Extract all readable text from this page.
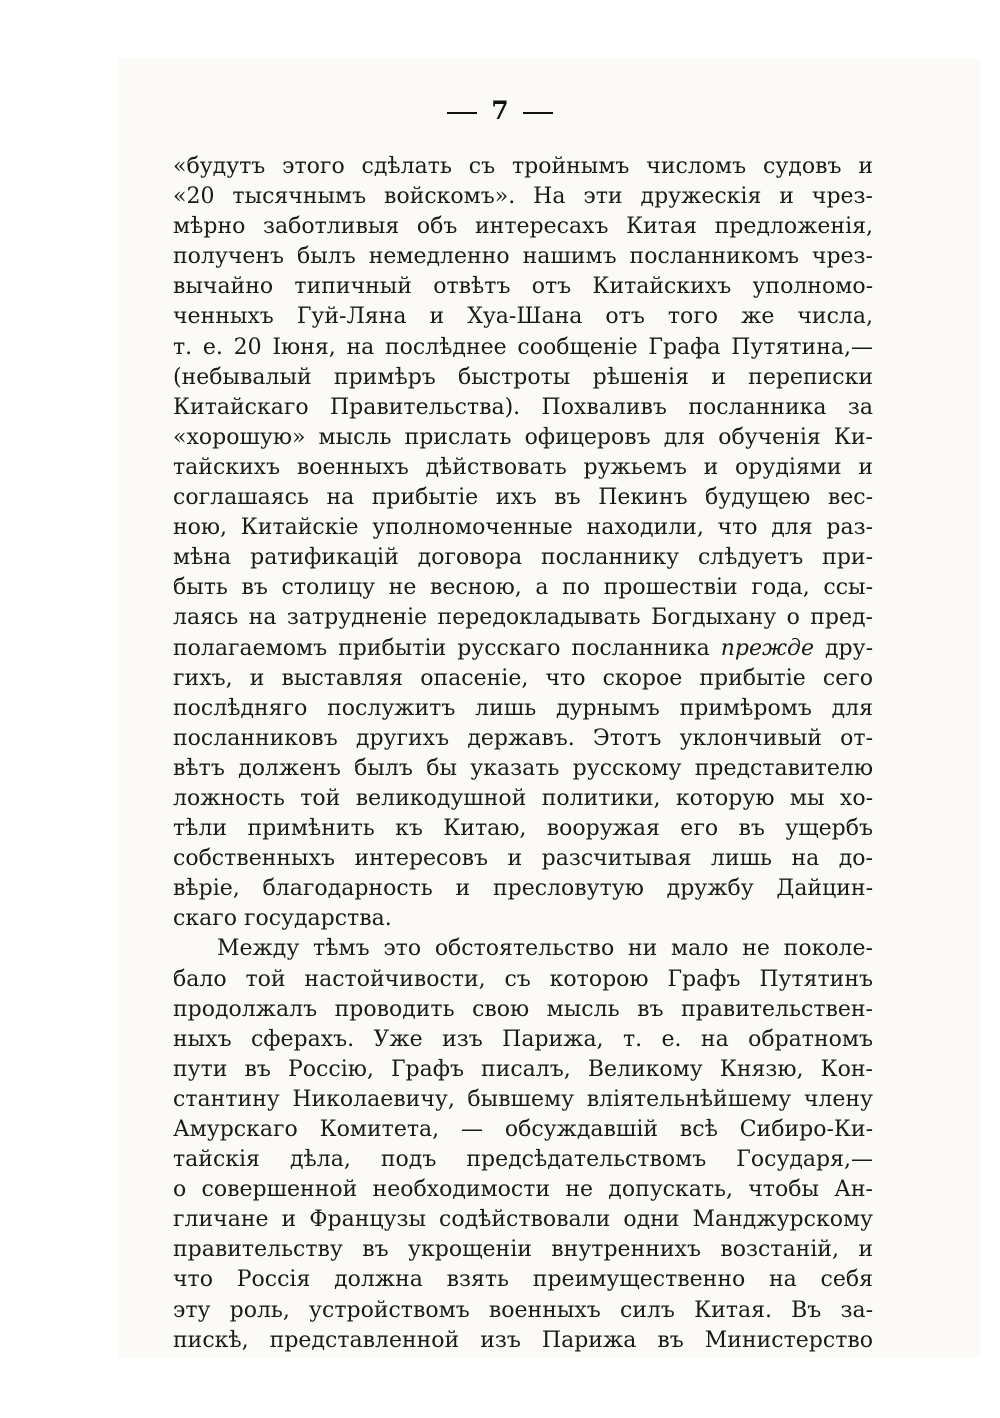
7
«будутъ этого сдѣлать съ тройнымъ числомъ судовъ и
«20 тысячнымъ войскомъ». На эти дружескія и чрез-
мѣрно заботливыя объ интересахъ Китая предложенія,
полученъ былъ немедленно нашимъ посланникомъ чрез-
вычайно типичный отвѣтъ отъ Китайскихъ уполномо-
ченныхъ Гуй-Ляна и Хуа-Шана отъ того же числа,
т. е. 20 Іюня, на послѣднее сообщеніе Графа Путятина,—
(небывалый примѣръ быстроты рѣшенія и переписки
Китайскаго Правительства). Похваливъ посланника за
«хорошую» мысль прислать офицеровъ для обученія Ки-
тайскихъ военныхъ дѣйствовать ружьемъ и орудіями и
соглашаясь на прибытіе ихъ въ Пекинъ будущею вес-
ною, Китайскіе уполномоченные находили, что для раз-
мѣна ратификацій договора посланнику слѣдуетъ при-
быть въ столицу не весною, а по прошествіи года, ссы-
лаясь на затрудненіе передокладывать Богдыхану о пред-
полагаемомъ прибытіи русскаго посланника прежде дру-
гихъ, и выставляя опасеніе, что скорое прибытіе сего
послѣдняго послужитъ лишь дурнымъ примѣромъ для
посланниковъ другихъ державъ. Этотъ уклончивый от-
вѣтъ долженъ былъ бы указать русскому представителю
ложность той великодушной политики, которую мы хо-
тѣли примѣнить къ Китаю, вооружая его въ ущербъ
собственныхъ интересовъ и разсчитывая лишь на до-
вѣріе, благодарность и пресловутую дружбу Дайцин-
скаго государства.
Между тѣмъ это обстоятельство ни мало не поколе-
бало той настойчивости, съ которою Графъ Путятинъ
продолжалъ проводить свою мысль въ правительствен-
ныхъ сферахъ. Уже изъ Парижа, т. е. на обратномъ
пути въ Россію, Графъ писалъ, Великому Князю, Кон-
стантину Николаевичу, бывшему вліятельнѣйшему члену
Амурскаго Комитета, — обсуждавшій всѣ Сибиро-Ки-
тайскія дѣла, подъ предсѣдательствомъ Государя,—
о совершенной необходимости не допускать, чтобы Ан-
гличане и Французы содѣйствовали одни Манджурскому
правительству въ укрощеніи внутреннихъ возстаній, и
что Россія должна взять преимущественно на себя
эту роль, устройствомъ военныхъ силъ Китая. Въ за-
пискѣ, представленной изъ Парижа въ Министерство
